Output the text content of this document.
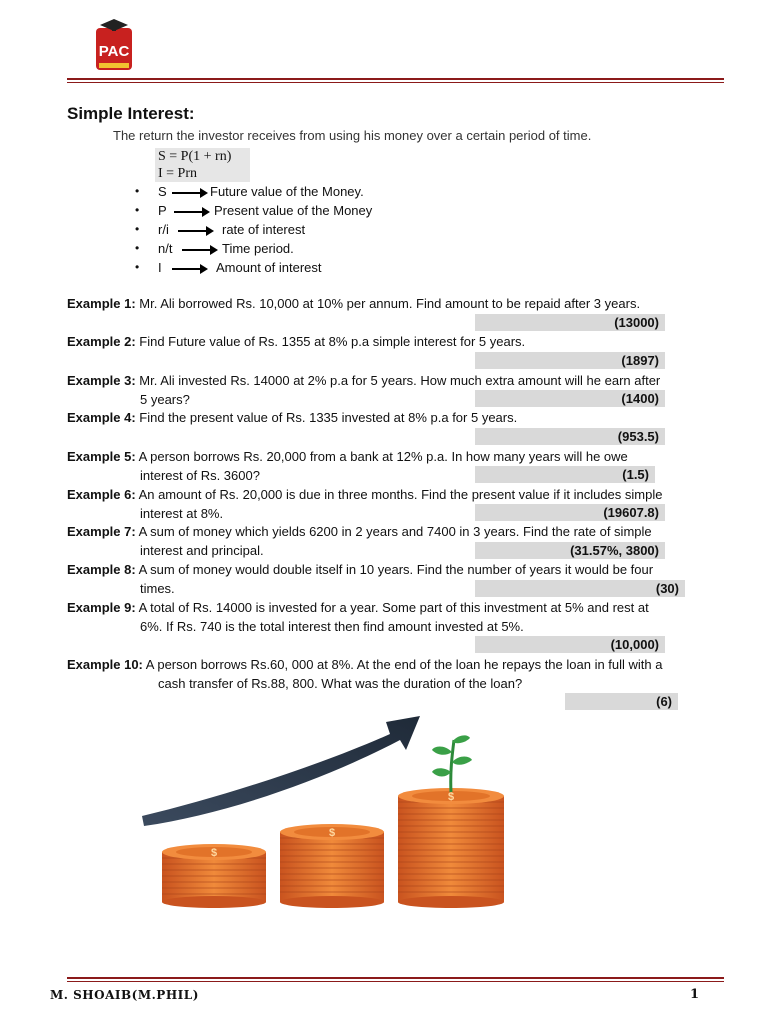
PAC
Simple Interest:
The return the investor receives from using his money over a certain period of time.
S = P(1 + rn)
I = Prn
• S	Future value of the Money.
• P	Present value of the Money
• r/i	rate of interest
• n/t	Time period.
• I	Amount of interest
Example 1: Mr. Ali borrowed Rs. 10,000 at 10% per annum. Find amount to be repaid after 3 years.
(13000)
Example 2: Find Future value of Rs. 1355 at 8% p.a simple interest for 5 years.
(1897)
Example 3: Mr. Ali invested Rs. 14000 at 2% p.a for 5 years. How much extra amount will he earn after
5 years?	(1400)
Example 4: Find the present value of Rs. 1335 invested at 8% p.a for 5 years.
(953.5)
Example 5: A person borrows Rs. 20,000 from a bank at 12% p.a. In how many years will he owe
interest of Rs. 3600?	(1.5)
Example 6: An amount of Rs. 20,000 is due in three months. Find the present value if it includes simple
interest at 8%.	(19607.8)
Example 7: A sum of money which yields 6200 in 2 years and 7400 in 3 years. Find the rate of simple
interest and principal.	(31.57%, 3800)
Example 8: A sum of money would double itself in 10 years. Find the number of years it would be four
times.	(30)
Example 9: A total of Rs. 14000 is invested for a year. Some part of this investment at 5% and rest at
6%. If Rs. 740 is the total interest then find amount invested at 5%.
(10,000)
Example 10: A person borrows Rs.60, 000 at 8%. At the end of the loan he repays the loan in full with a
cash transfer of Rs.88, 800. What was the duration of the loan?
(6)
$
$
$
M. SHOAIB(M.PHIL)	1
